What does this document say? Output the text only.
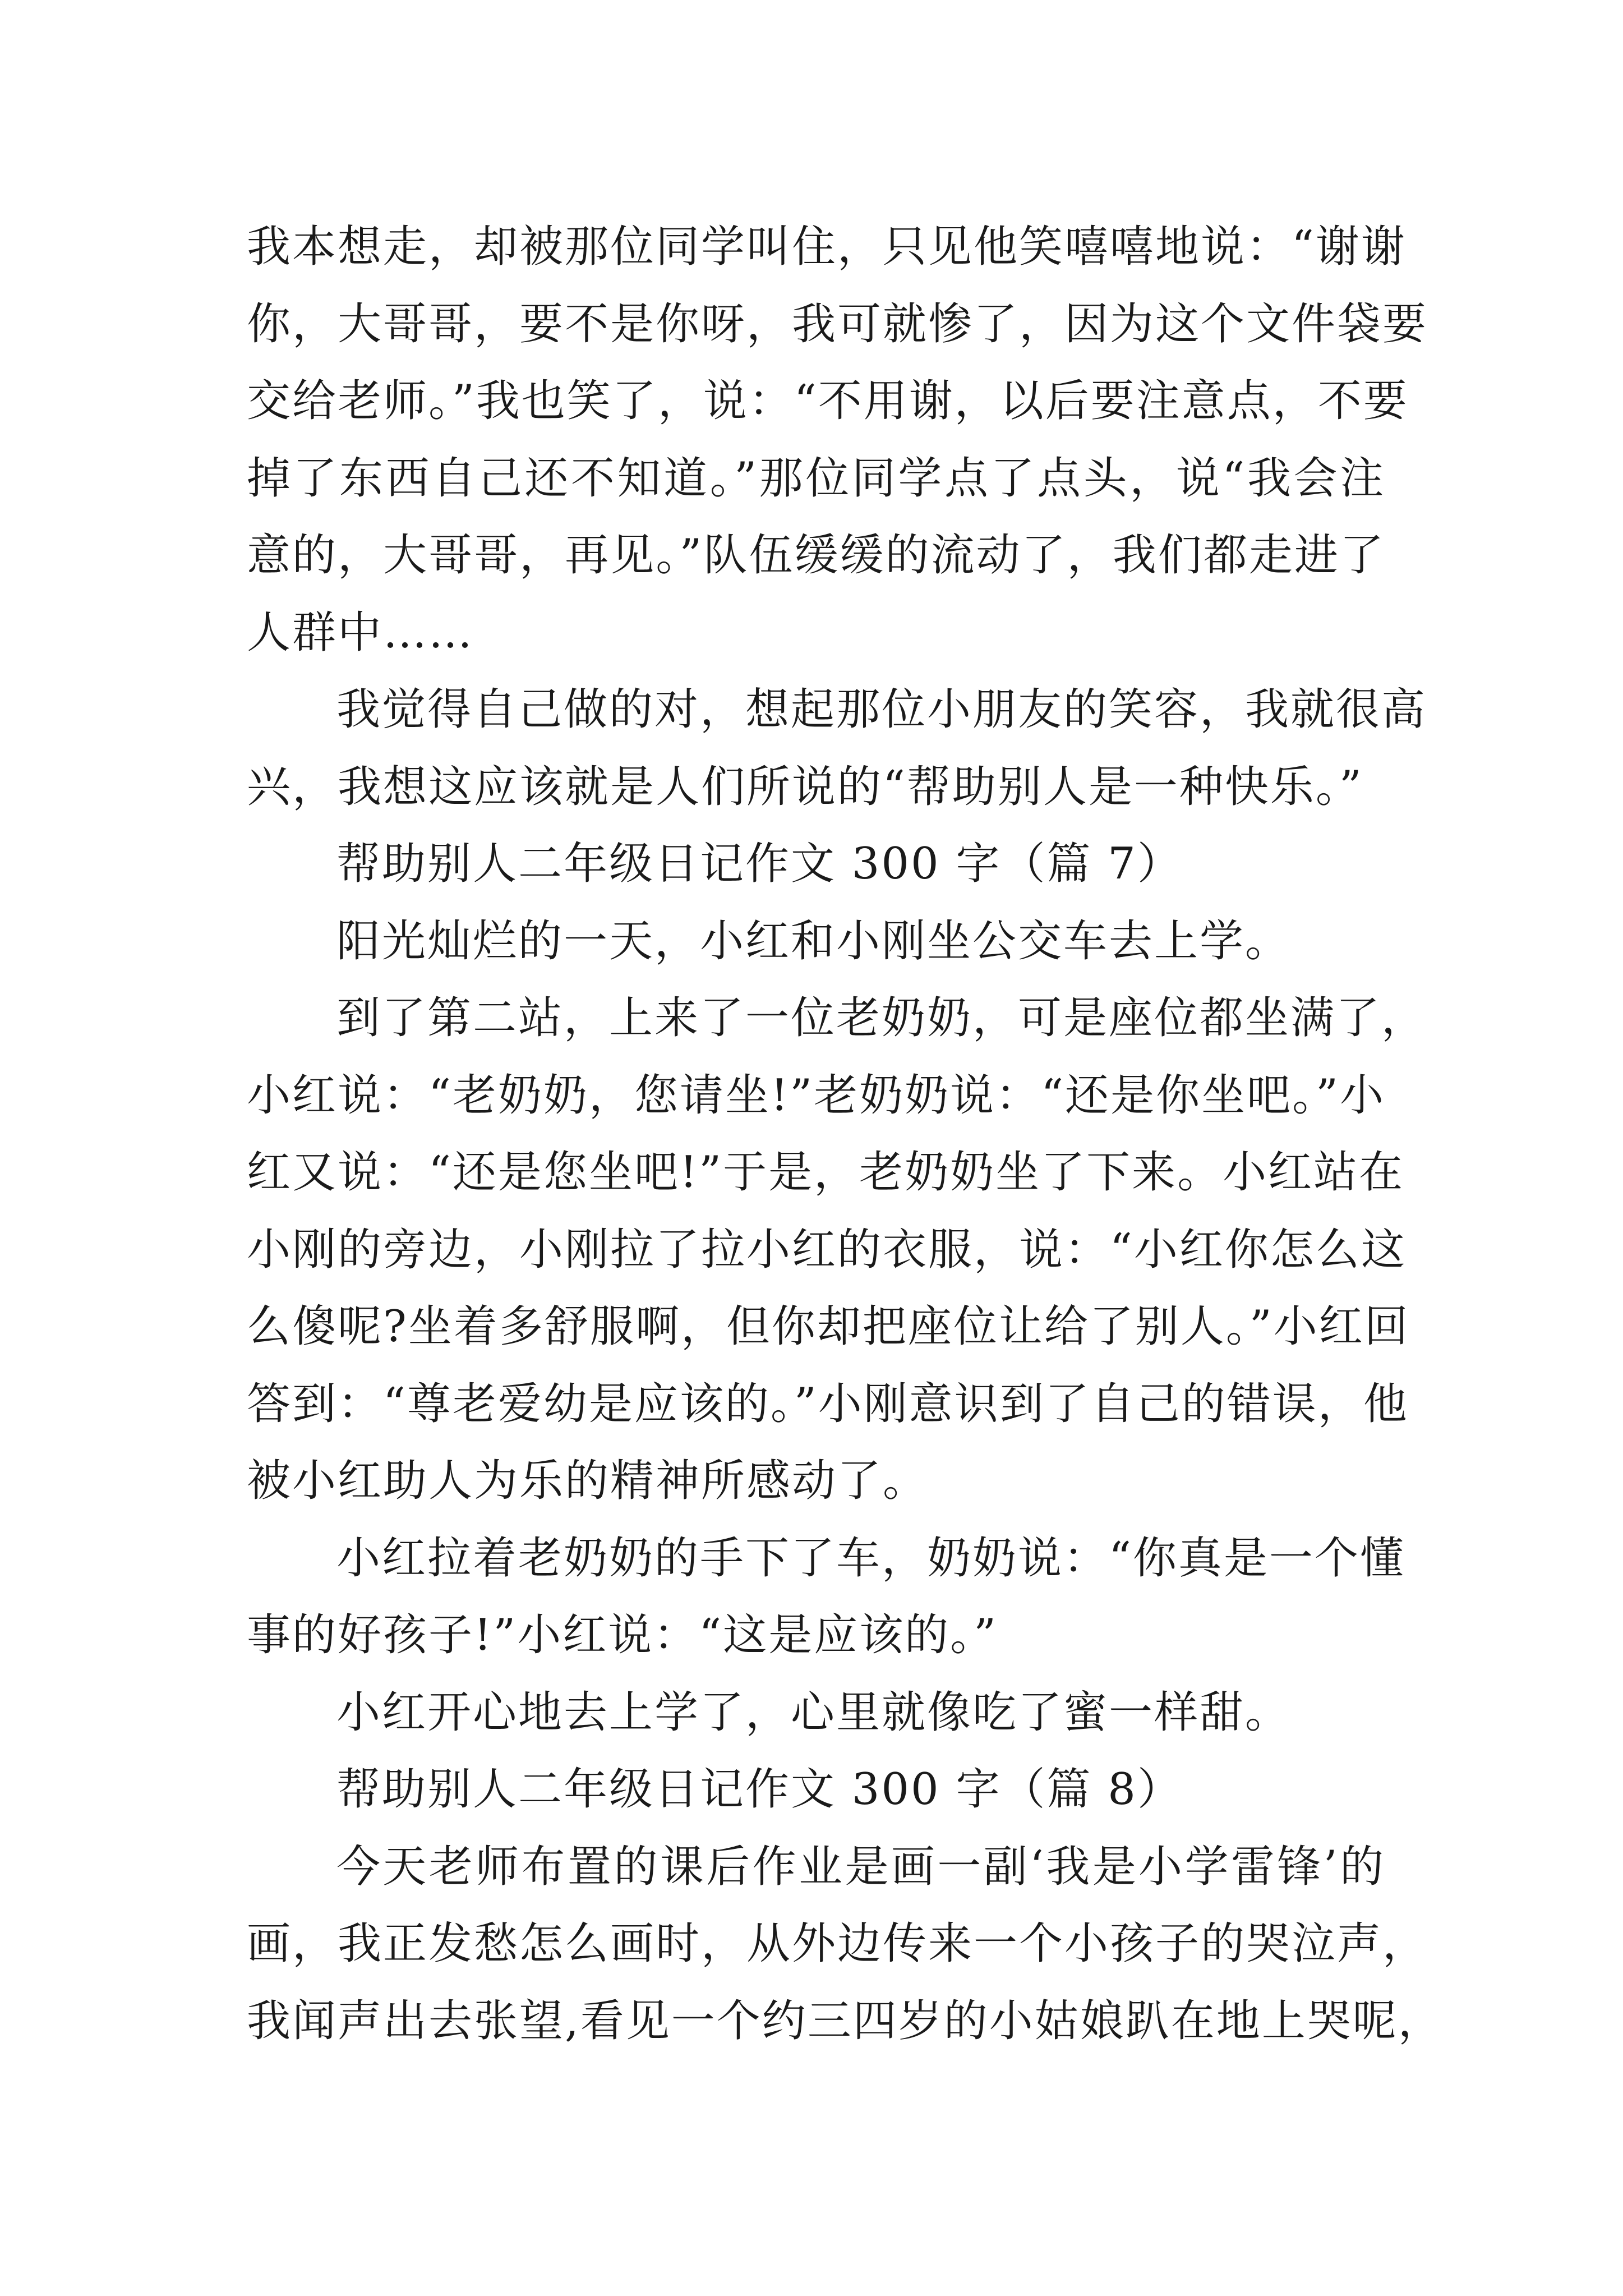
我本想走，却被那位同学叫住，只见他笑嘻嘻地说：“谢谢
你，大哥哥，要不是你呀，我可就惨了，因为这个文件袋要
交给老师。”我也笑了，说：“不用谢，以后要注意点，不要
掉了东西自己还不知道。”那位同学点了点头，说“我会注
意的，大哥哥，再见。”队伍缓缓的流动了，我们都走进了
人群中……
我觉得自己做的对，想起那位小朋友的笑容，我就很高
兴，我想这应该就是人们所说的“帮助别人是一种快乐。”
帮助别人二年级日记作文 300 字（篇 7）
阳光灿烂的一天，小红和小刚坐公交车去上学。
到了第二站，上来了一位老奶奶，可是座位都坐满了，
小红说：“老奶奶，您请坐!”老奶奶说：“还是你坐吧。”小
红又说：“还是您坐吧!”于是，老奶奶坐了下来。小红站在
小刚的旁边，小刚拉了拉小红的衣服，说：“小红你怎么这
么傻呢?坐着多舒服啊，但你却把座位让给了别人。”小红回
答到：“尊老爱幼是应该的。”小刚意识到了自己的错误，他
被小红助人为乐的精神所感动了。
小红拉着老奶奶的手下了车，奶奶说：“你真是一个懂
事的好孩子!”小红说：“这是应该的。”
小红开心地去上学了，心里就像吃了蜜一样甜。
帮助别人二年级日记作文 300 字（篇 8）
今天老师布置的课后作业是画一副‘我是小学雷锋’的
画，我正发愁怎么画时，从外边传来一个小孩子的哭泣声，
我闻声出去张望,看见一个约三四岁的小姑娘趴在地上哭呢，
